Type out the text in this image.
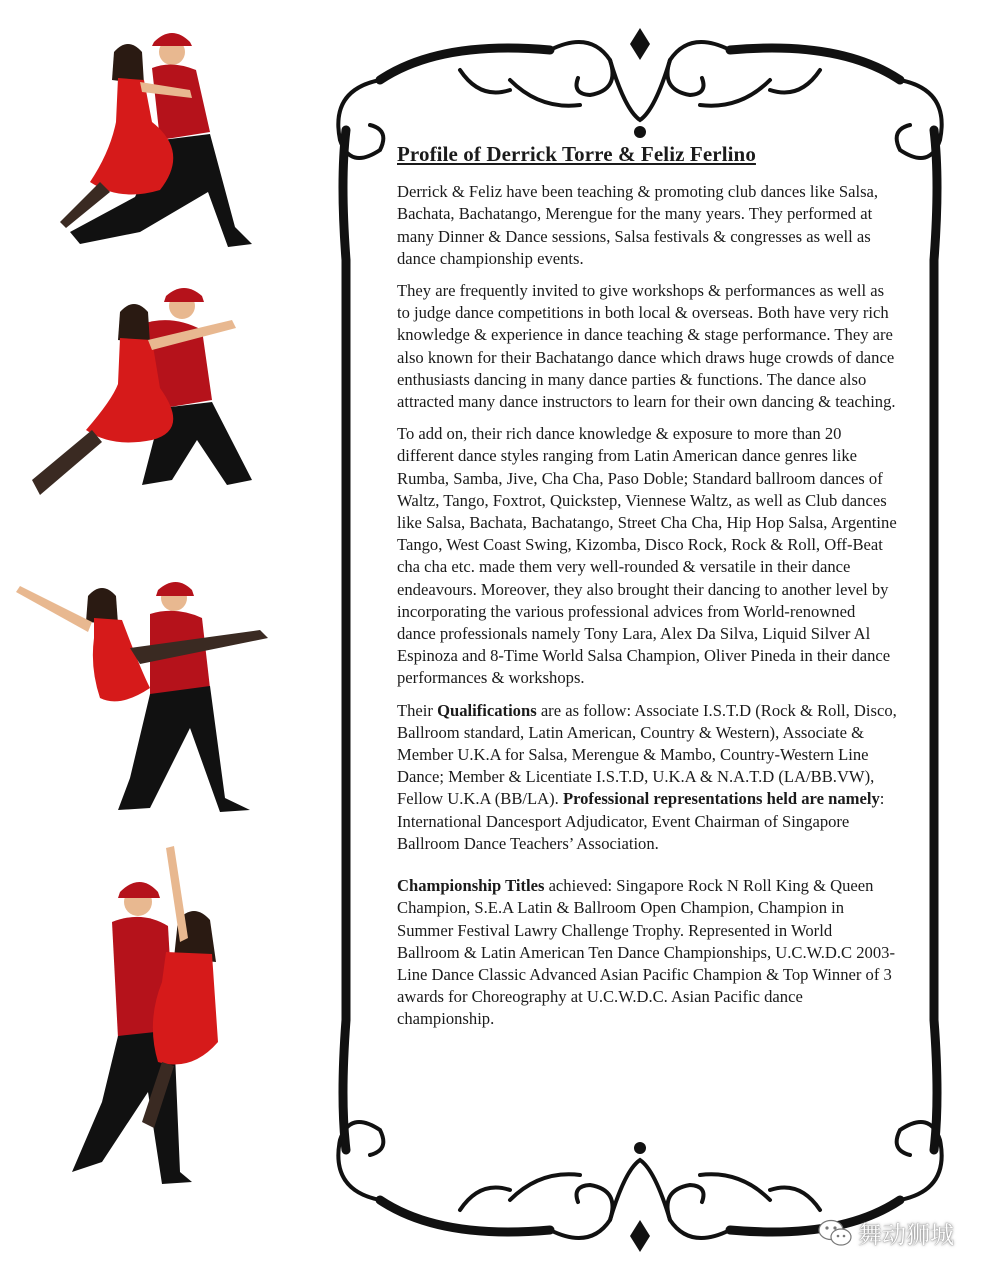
Profile of Derrick Torre & Feliz Ferlino

Derrick & Feliz have been teaching & promoting club dances like Salsa, Bachata, Bachatango, Merengue for the many years. They performed at many Dinner & Dance sessions, Salsa festivals & congresses as well as dance championship events.

They are frequently invited to give workshops & performances as well as to judge dance competitions in both local & overseas. Both have very rich knowledge & experience in dance teaching & stage performance. They are also known for their Bachatango dance which draws huge crowds of dance enthusiasts dancing in many dance parties & functions. The dance also attracted many dance instructors to learn for their own dancing & teaching.

To add on, their rich dance knowledge & exposure to more than 20 different dance styles ranging from Latin American dance genres like Rumba, Samba, Jive, Cha Cha, Paso Doble; Standard ballroom dances of Waltz, Tango, Foxtrot, Quickstep, Viennese Waltz, as well as Club dances like Salsa, Bachata, Bachatango, Street Cha Cha, Hip Hop Salsa, Argentine Tango, West Coast Swing, Kizomba, Disco Rock, Rock & Roll, Off-Beat cha cha etc. made them very well-rounded & versatile in their dance endeavours. Moreover, they also brought their dancing to another level by incorporating the various professional advices from World-renowned dance professionals namely Tony Lara, Alex Da Silva, Liquid Silver Al Espinoza and 8-Time World Salsa Champion, Oliver Pineda in their dance performances & workshops.

Their Qualifications are as follow: Associate I.S.T.D (Rock & Roll, Disco, Ballroom standard, Latin American, Country & Western), Associate & Member U.K.A for Salsa, Merengue & Mambo, Country-Western Line Dance; Member & Licentiate I.S.T.D, U.K.A & N.A.T.D (LA/BB.VW), Fellow U.K.A (BB/LA). Professional representations held are namely: International Dancesport Adjudicator, Event Chairman of Singapore Ballroom Dance Teachers’ Association.

Championship Titles achieved: Singapore Rock N Roll King & Queen Champion, S.E.A Latin & Ballroom Open Champion, Champion in Summer Festival Lawry Challenge Trophy. Represented in World Ballroom & Latin American Ten Dance Championships, U.C.W.D.C 2003- Line Dance Classic Advanced Asian Pacific Champion & Top Winner of 3 awards for Choreography at U.C.W.D.C. Asian Pacific dance championship.

舞动狮城
